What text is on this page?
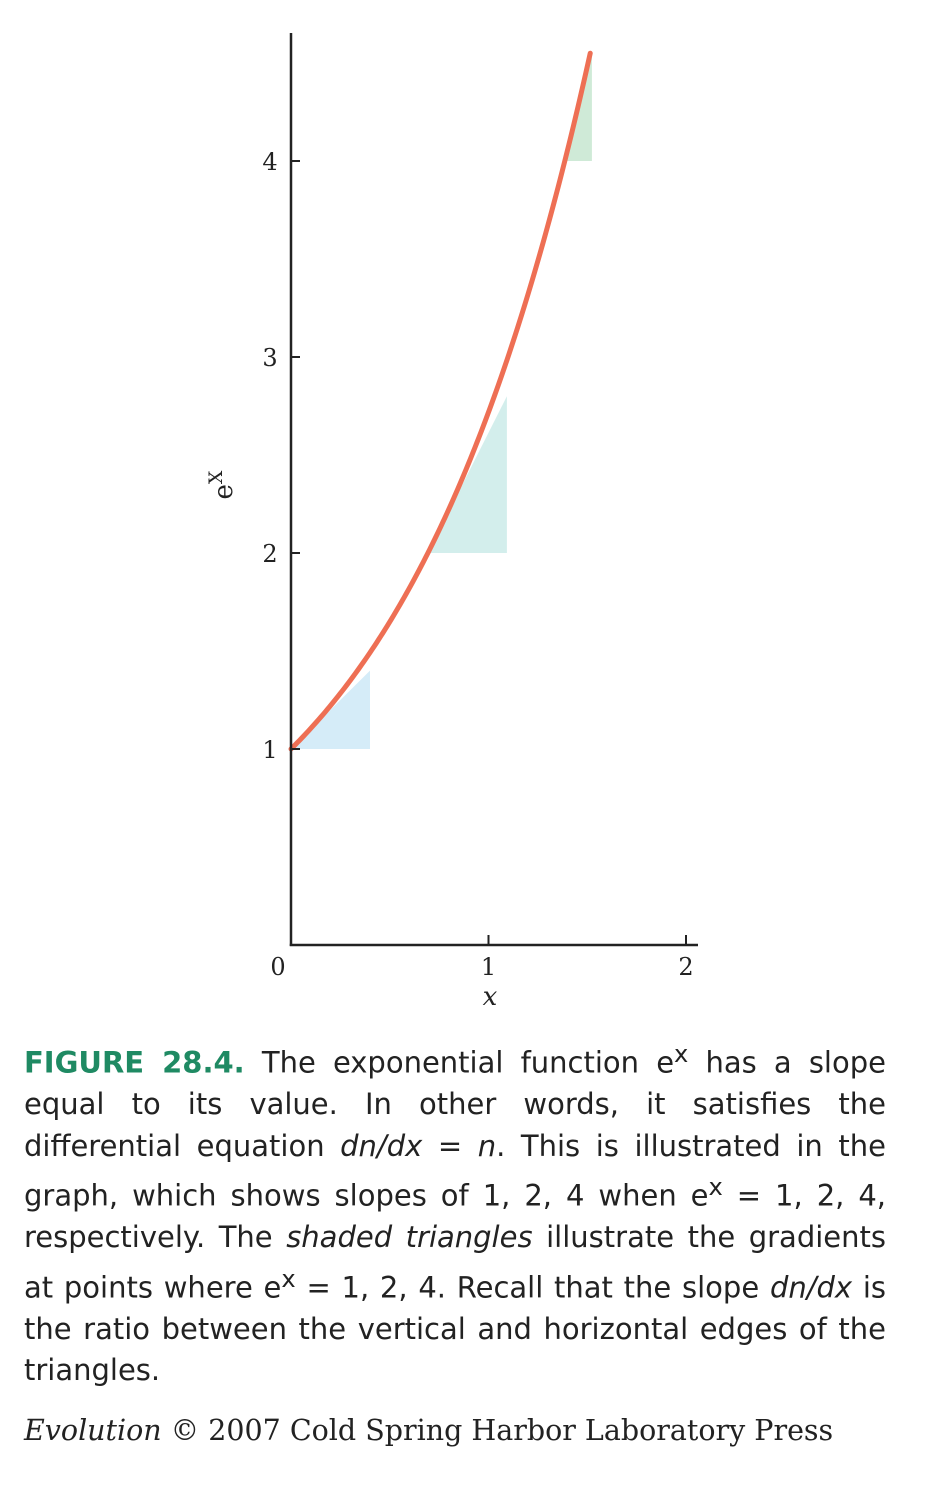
1
2
3
4
1	2
0
x
$e^X$

FIGURE 28.4. The exponential function $e^x$ has a slope equal to its value. In other words, it satisfies the differential equation dn/dx = n. This is illustrated in the graph, which shows slopes of 1, 2, 4 when $e^x = 1$, 2, 4, respectively. The shaded triangles illustrate the gradients at points where $e^x = 1$, 2, 4. Recall that the slope dn/dx is the ratio between the vertical and horizontal edges of the triangles.

Evolution © 2007 Cold Spring Harbor Laboratory Press
